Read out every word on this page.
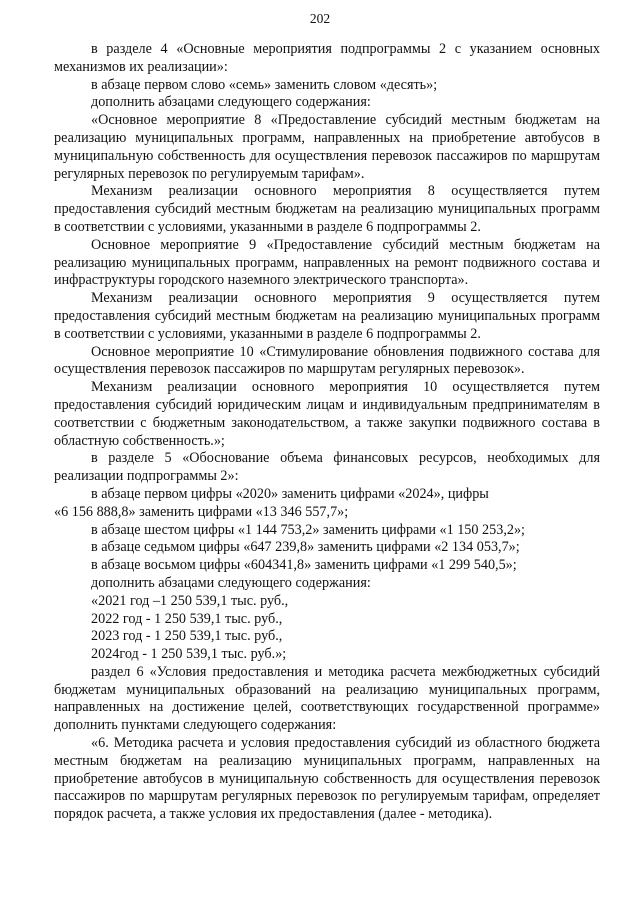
202

в разделе 4 «Основные мероприятия подпрограммы 2 с указанием основных механизмов их реализации»:

в абзаце первом слово «семь» заменить словом «десять»;

дополнить абзацами следующего содержания:

«Основное мероприятие 8 «Предоставление субсидий местным бюджетам на реализацию муниципальных программ, направленных на приобретение автобусов в муниципальную собственность для осуществления перевозок пассажиров по маршрутам регулярных перевозок по регулируемым тарифам».

Механизм реализации основного мероприятия 8 осуществляется путем предоставления субсидий местным бюджетам на реализацию муниципальных программ в соответствии с условиями, указанными в разделе 6 подпрограммы 2.

Основное мероприятие 9 «Предоставление субсидий местным бюджетам на реализацию муниципальных программ, направленных на ремонт подвижного состава и инфраструктуры городского наземного электрического транспорта».

Механизм реализации основного мероприятия 9 осуществляется путем предоставления субсидий местным бюджетам на реализацию муниципальных программ в соответствии с условиями, указанными в разделе 6 подпрограммы 2.

Основное мероприятие 10 «Стимулирование обновления подвижного состава для осуществления перевозок пассажиров по маршрутам регулярных перевозок».

Механизм реализации основного мероприятия 10 осуществляется путем предоставления субсидий юридическим лицам и индивидуальным предпринимателям в соответствии с бюджетным законодательством, а также закупки подвижного состава в областную собственность.»;

в разделе 5 «Обоснование объема финансовых ресурсов, необходимых для реализации подпрограммы 2»:

в абзаце первом цифры «2020» заменить цифрами «2024», цифры

«6 156 888,8» заменить цифрами «13 346 557,7»;

в абзаце шестом цифры «1 144 753,2» заменить цифрами «1 150 253,2»;

в абзаце седьмом цифры «647 239,8» заменить цифрами «2 134 053,7»;

в абзаце восьмом цифры «604341,8» заменить цифрами «1 299 540,5»;

дополнить абзацами следующего содержания:

«2021 год –1 250 539,1 тыс. руб.,

2022 год - 1 250 539,1 тыс. руб.,

2023 год - 1 250 539,1 тыс. руб.,

2024год - 1 250 539,1 тыс. руб.»;

раздел 6 «Условия предоставления и методика расчета межбюджетных субсидий бюджетам муниципальных образований на реализацию муниципальных программ, направленных на достижение целей, соответствующих государственной программе» дополнить пунктами следующего содержания:

«6. Методика расчета и условия предоставления субсидий из областного бюджета местным бюджетам на реализацию муниципальных программ, направленных на приобретение автобусов в муниципальную собственность для осуществления перевозок пассажиров по маршрутам регулярных перевозок по регулируемым тарифам, определяет порядок расчета, а также условия их предоставления (далее - методика).
